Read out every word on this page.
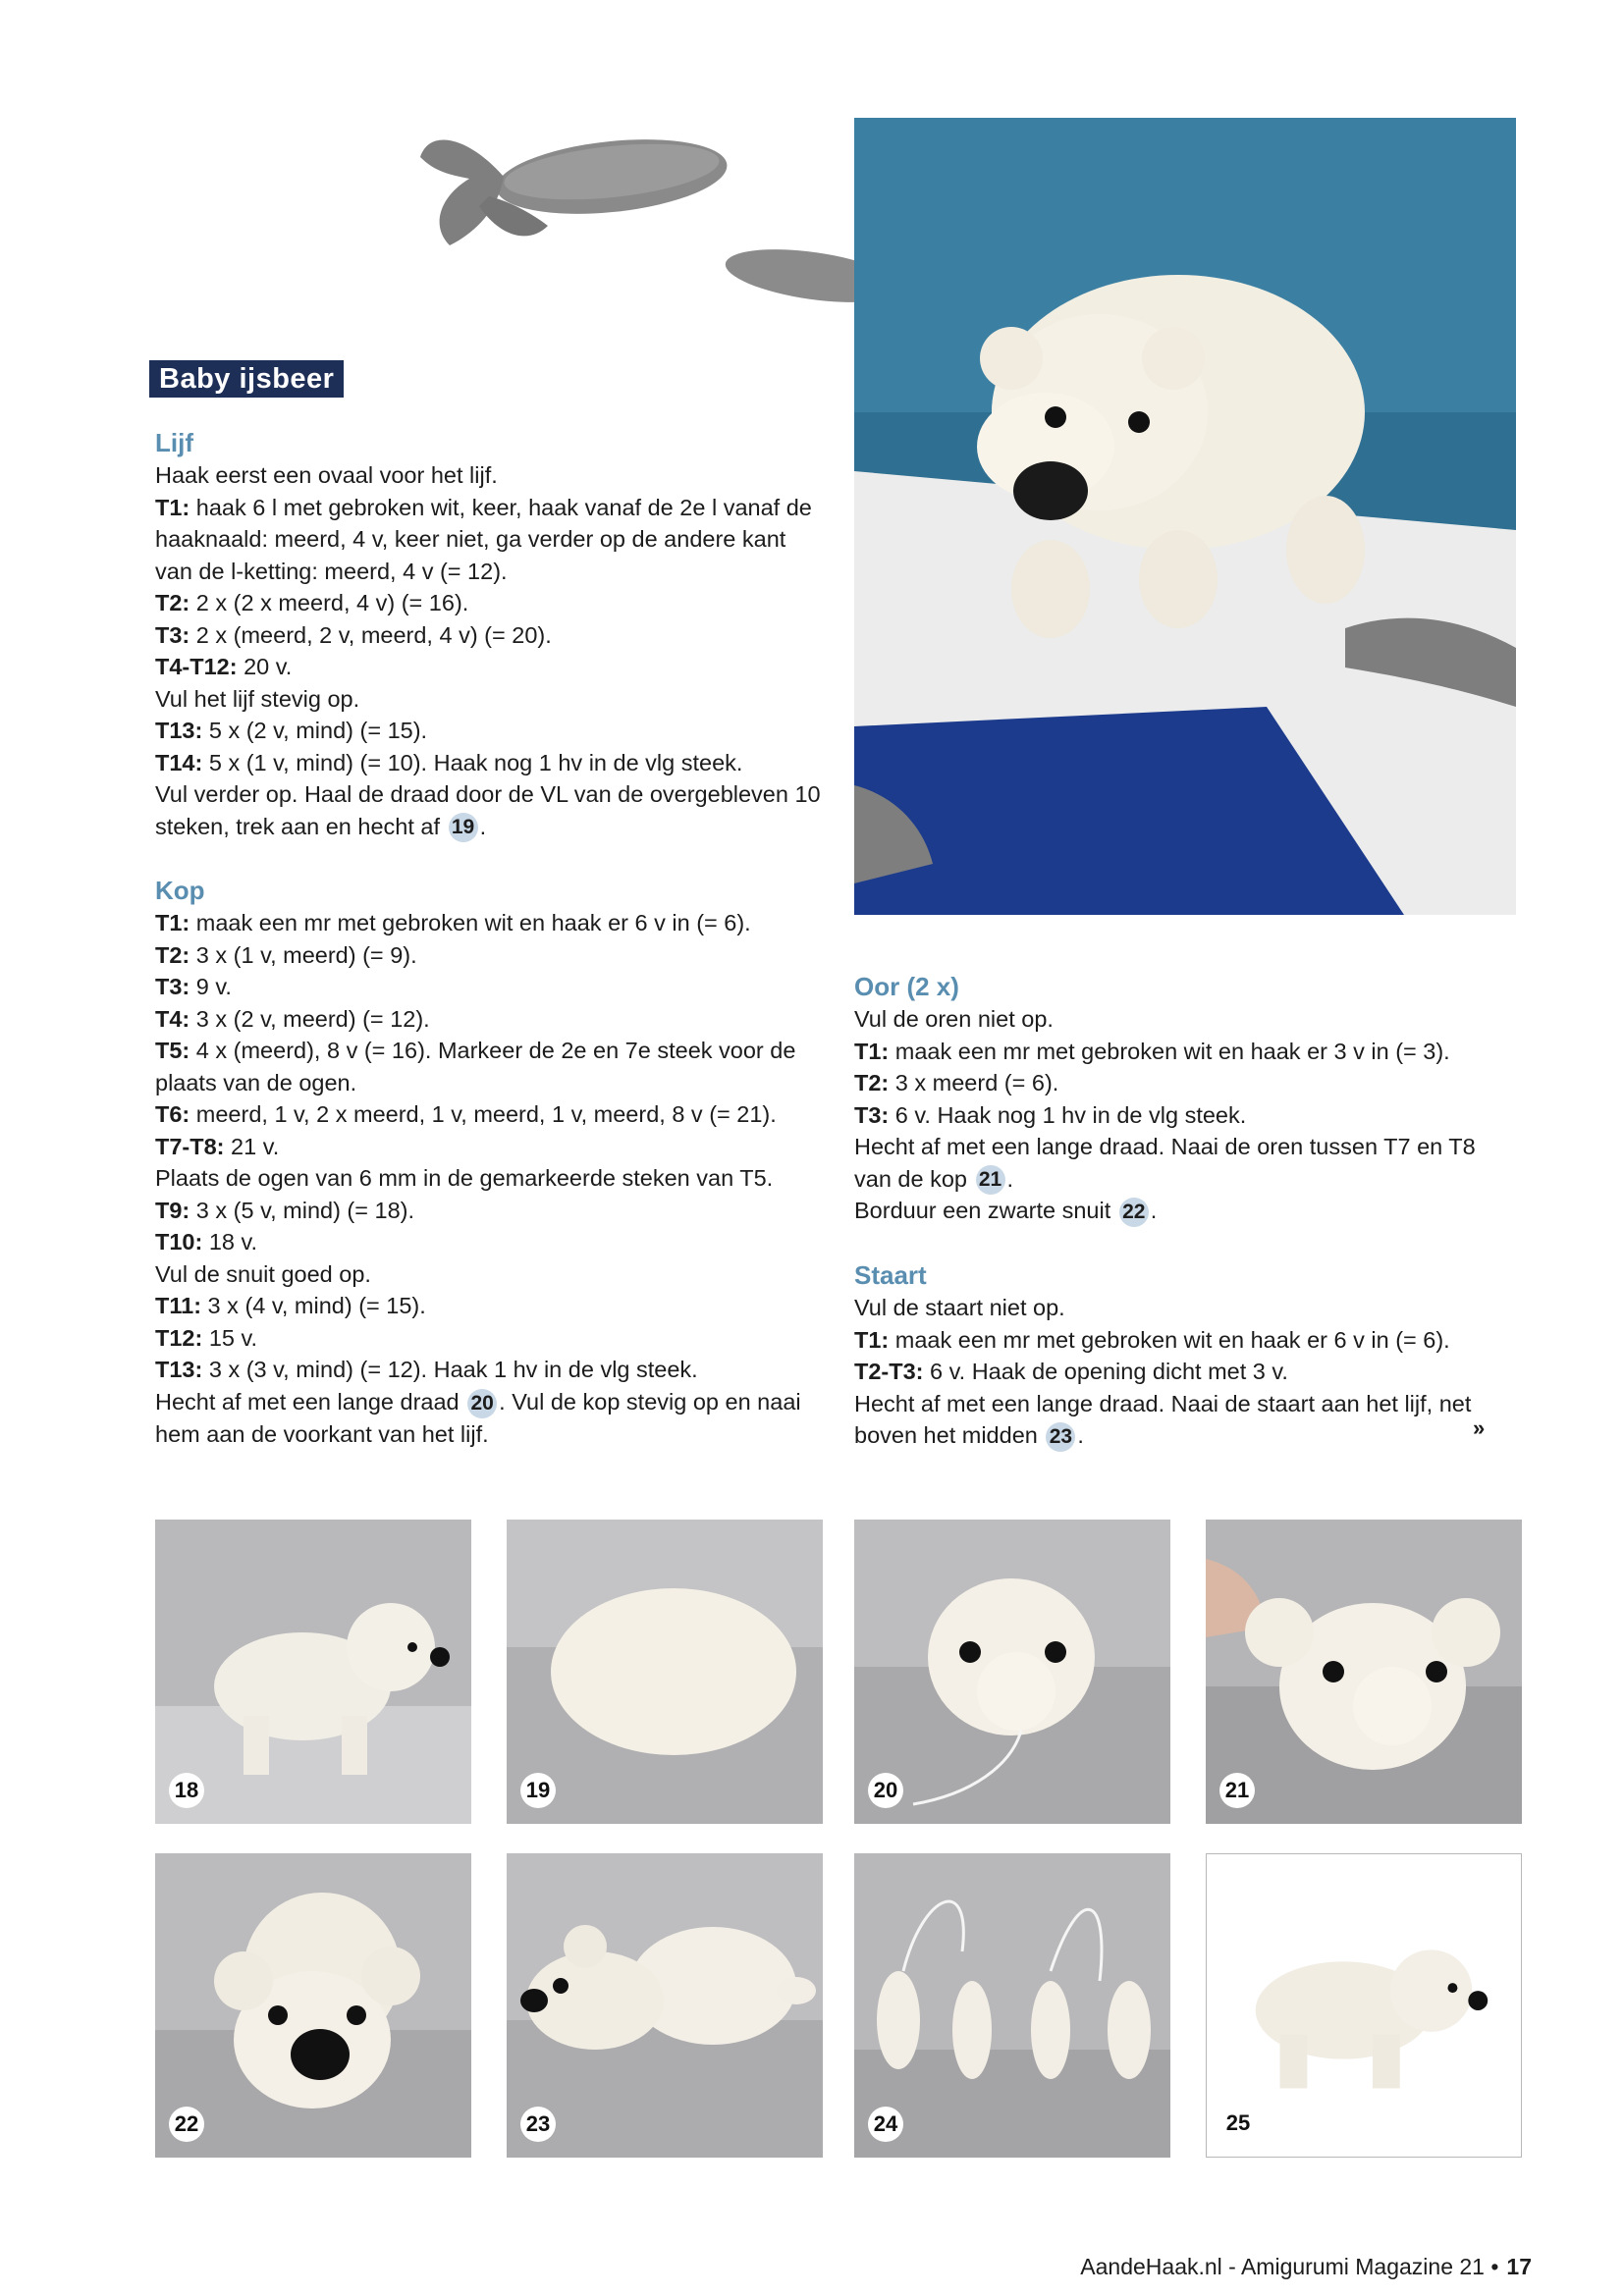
Baby ijsbeer

Lijf

Haak eerst een ovaal voor het lijf.

T1: haak 6 l met gebroken wit, keer, haak vanaf de 2e l vanaf de haaknaald: meerd, 4 v, keer niet, ga verder op de andere kant van de l-ketting: meerd, 4 v (= 12).

T2: 2 x (2 x meerd, 4 v) (= 16).

T3: 2 x (meerd, 2 v, meerd, 4 v) (= 20).

T4-T12: 20 v.

Vul het lijf stevig op.

T13: 5 x (2 v, mind) (= 15).

T14: 5 x (1 v, mind) (= 10). Haak nog 1 hv in de vlg steek.

Vul verder op. Haal de draad door de VL van de overgebleven 10 steken, trek aan en hecht af 19 .

Kop

T1: maak een mr met gebroken wit en haak er 6 v in (= 6).

T2: 3 x (1 v, meerd) (= 9).

T3: 9 v.

T4: 3 x (2 v, meerd) (= 12).

T5: 4 x (meerd), 8 v (= 16). Markeer de 2e en 7e steek voor de plaats van de ogen.

T6: meerd, 1 v, 2 x meerd, 1 v, meerd, 1 v, meerd, 8 v (= 21).

T7-T8: 21 v.

Plaats de ogen van 6 mm in de gemarkeerde steken van T5.

T9: 3 x (5 v, mind) (= 18).

T10: 18 v.

Vul de snuit goed op.

T11: 3 x (4 v, mind) (= 15).

T12: 15 v.

T13: 3 x (3 v, mind) (= 12). Haak 1 hv in de vlg steek.

Hecht af met een lange draad 20 . Vul de kop stevig op en naai hem aan de voorkant van het lijf.

Oor (2 x)

Vul de oren niet op.

T1: maak een mr met gebroken wit en haak er 3 v in (= 3).

T2: 3 x meerd (= 6).

T3: 6 v. Haak nog 1 hv in de vlg steek.

Hecht af met een lange draad. Naai de oren tussen T7 en T8 van de kop 21 .

Borduur een zwarte snuit 22 .

Staart

Vul de staart niet op.

T1: maak een mr met gebroken wit en haak er 6 v in (= 6).

T2-T3: 6 v. Haak de opening dicht met 3 v.

Hecht af met een lange draad. Naai de staart aan het lijf, net boven het midden 23 .	»
18	19	20	21
22	23	24	25
AandeHaak.nl - Amigurumi Magazine 21 • 17
